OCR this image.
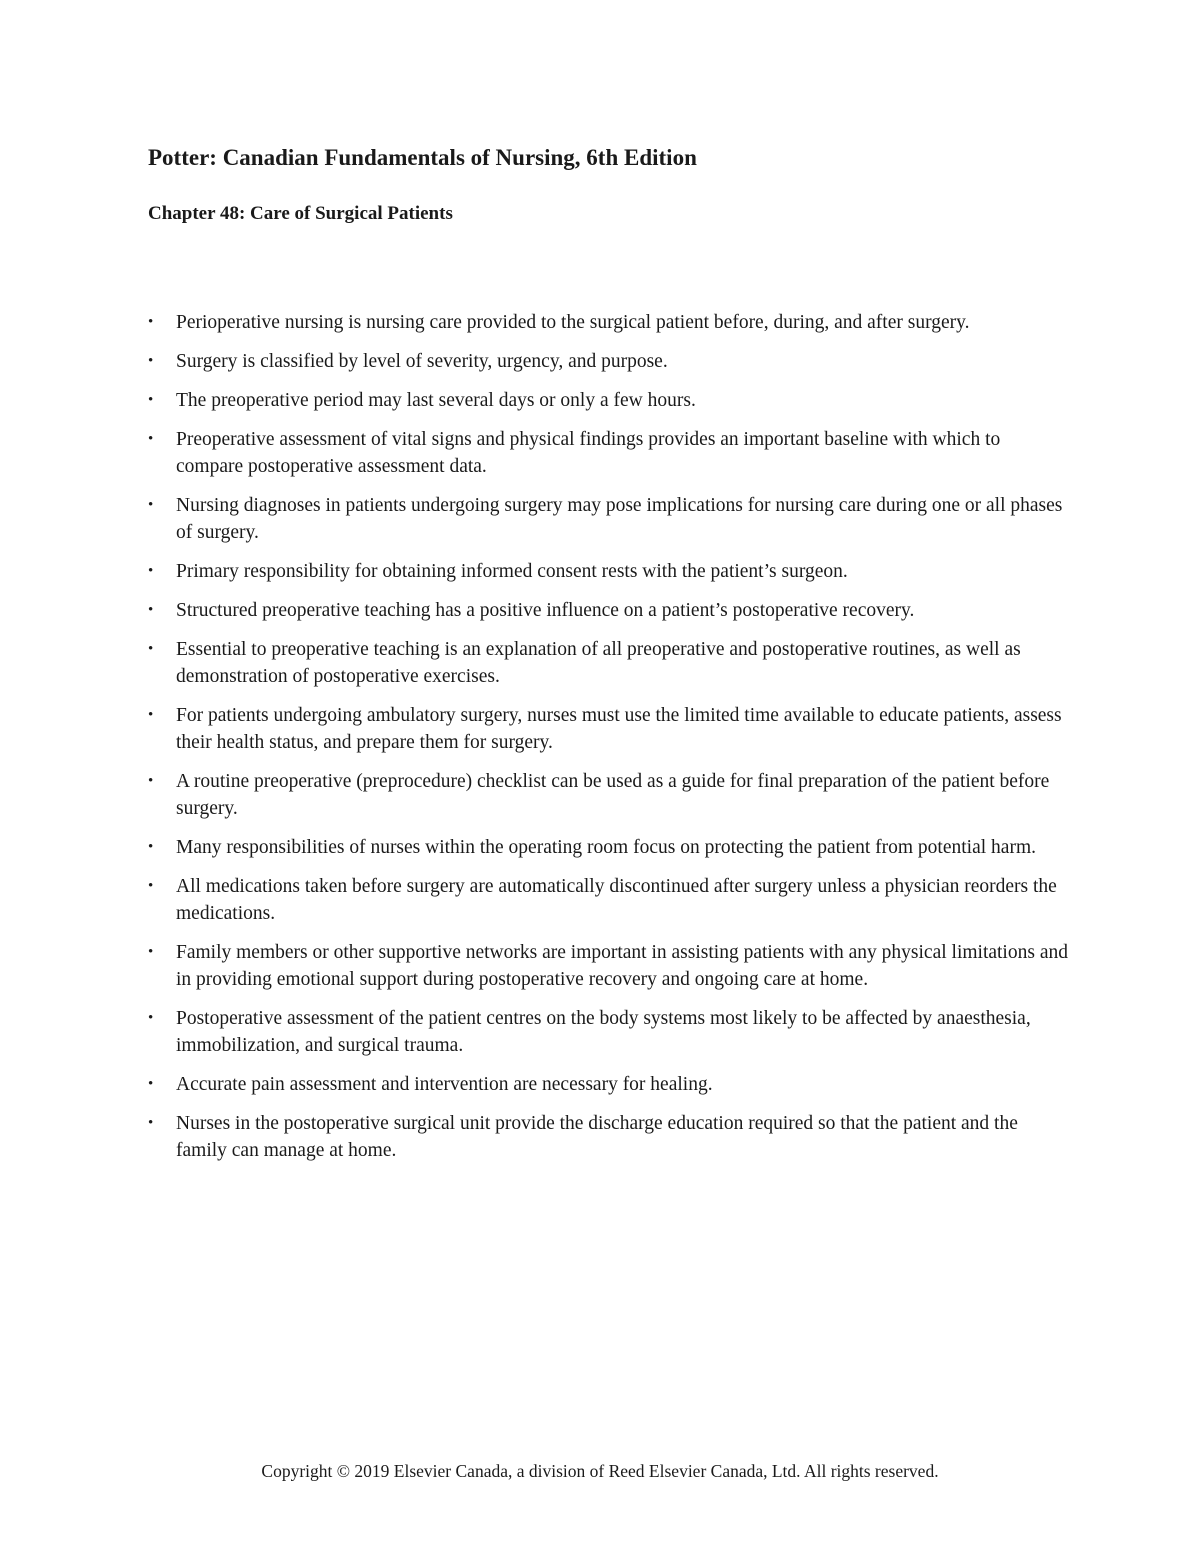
Potter: Canadian Fundamentals of Nursing, 6th Edition
Chapter 48: Care of Surgical Patients
•	Perioperative nursing is nursing care provided to the surgical patient before, during, and after surgery.
•	Surgery is classified by level of severity, urgency, and purpose.
•	The preoperative period may last several days or only a few hours.
•	Preoperative assessment of vital signs and physical findings provides an important baseline with which to compare postoperative assessment data.
•	Nursing diagnoses in patients undergoing surgery may pose implications for nursing care during one or all phases of surgery.
•	Primary responsibility for obtaining informed consent rests with the patient’s surgeon.
•	Structured preoperative teaching has a positive influence on a patient’s postoperative recovery.
•	Essential to preoperative teaching is an explanation of all preoperative and postoperative routines, as well as demonstration of postoperative exercises.
•	For patients undergoing ambulatory surgery, nurses must use the limited time available to educate patients, assess their health status, and prepare them for surgery.
•	A routine preoperative (preprocedure) checklist can be used as a guide for final preparation of the patient before surgery.
•	Many responsibilities of nurses within the operating room focus on protecting the patient from potential harm.
•	All medications taken before surgery are automatically discontinued after surgery unless a physician reorders the medications.
•	Family members or other supportive networks are important in assisting patients with any physical limitations and in providing emotional support during postoperative recovery and ongoing care at home.
•	Postoperative assessment of the patient centres on the body systems most likely to be affected by anaesthesia, immobilization, and surgical trauma.
•	Accurate pain assessment and intervention are necessary for healing.
•	Nurses in the postoperative surgical unit provide the discharge education required so that the patient and the family can manage at home.
Copyright © 2019 Elsevier Canada, a division of Reed Elsevier Canada, Ltd. All rights reserved.
